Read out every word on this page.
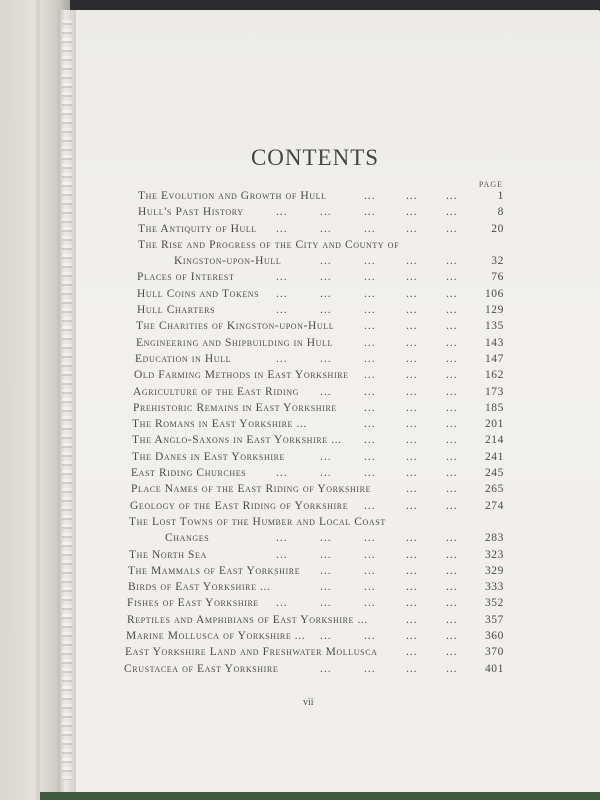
CONTENTS
PAGE
The Evolution and Growth of Hull	...	... ...	1
Hull's Past History	...	...	...	... ...	8
The Antiquity of Hull ...	...	...	... ...	20
The Rise and Progress of the City and County of
Kingston-upon-Hull	...	...	... ...	32
Places of Interest	...	...	...	... ...	76
Hull Coins and Tokens ...	...	...	... ...	106
Hull Charters	...	...	...	... ...	129
The Charities of Kingston-upon-Hull	...	... ...	135
Engineering and Shipbuilding in Hull	...	... ...	143
Education in Hull	...	...	...	... ...	147
Old Farming Methods in East Yorkshire ...	... ...	162
Agriculture of the East Riding ...	...	... ...	173
Prehistoric Remains in East Yorkshire ...	... ...	185
The Romans in East Yorkshire ...	...	... ...	201
The Anglo-Saxons in East Yorkshire ... ...	... ...	214
The Danes in East Yorkshire	...	...	... ...	241
East Riding Churches	...	...	...	... ...	245
Place Names of the East Riding of Yorkshire	... ...	265
Geology of the East Riding of Yorkshire ...	... ...	274
The Lost Towns of the Humber and Local Coast
Changes	...	...	...	... ...	283
The North Sea	...	...	...	... ...	323
The Mammals of East Yorkshire ...	...	... ...	329
Birds of East Yorkshire ...	...	...	... ...	333
Fishes of East Yorkshire ...	...	...	... ...	352
Reptiles and Amphibians of East Yorkshire ...	... ...	357
Marine Mollusca of Yorkshire ... ...	...	... ...	360
East Yorkshire Land and Freshwater Mollusca ... ...	370
Crustacea of East Yorkshire	...	...	... ...	401
vii
